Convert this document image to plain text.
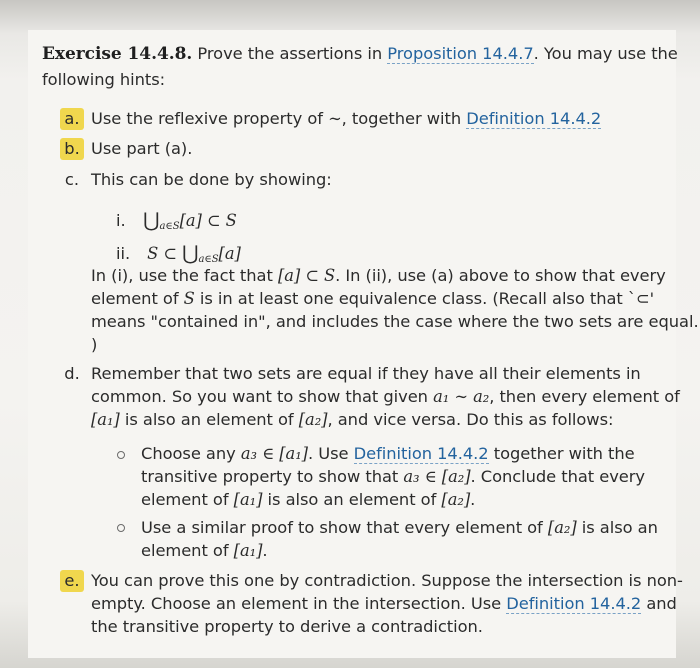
Exercise 14.4.8. Prove the assertions in Proposition 14.4.7. You may use the
following hints:
a. Use the reflexive property of ∼, together with Definition 14.4.2
b. Use part (a).
c. This can be done by showing:
i. $⋃_{a\in S}[a]$ ⊂ S
ii. S ⊂ $⋃_{a\in S}[a]$
In (i), use the fact that [a] ⊂ S. In (ii), use (a) above to show that every
element of S is in at least one equivalence class. (Recall also that `⊂'
means "contained in", and includes the case where the two sets are equal.
)
d. Remember that two sets are equal if they have all their elements in
common. So you want to show that given a₁ ∼ a₂, then every element of
[a₁] is also an element of [a₂], and vice versa. Do this as follows:
Choose any a₃ ∈ [a₁]. Use Definition 14.4.2 together with the
transitive property to show that a₃ ∈ [a₂]. Conclude that every
element of [a₁] is also an element of [a₂].
Use a similar proof to show that every element of [a₂] is also an
element of [a₁].
e. You can prove this one by contradiction. Suppose the intersection is non-
empty. Choose an element in the intersection. Use Definition 14.4.2 and
the transitive property to derive a contradiction.
